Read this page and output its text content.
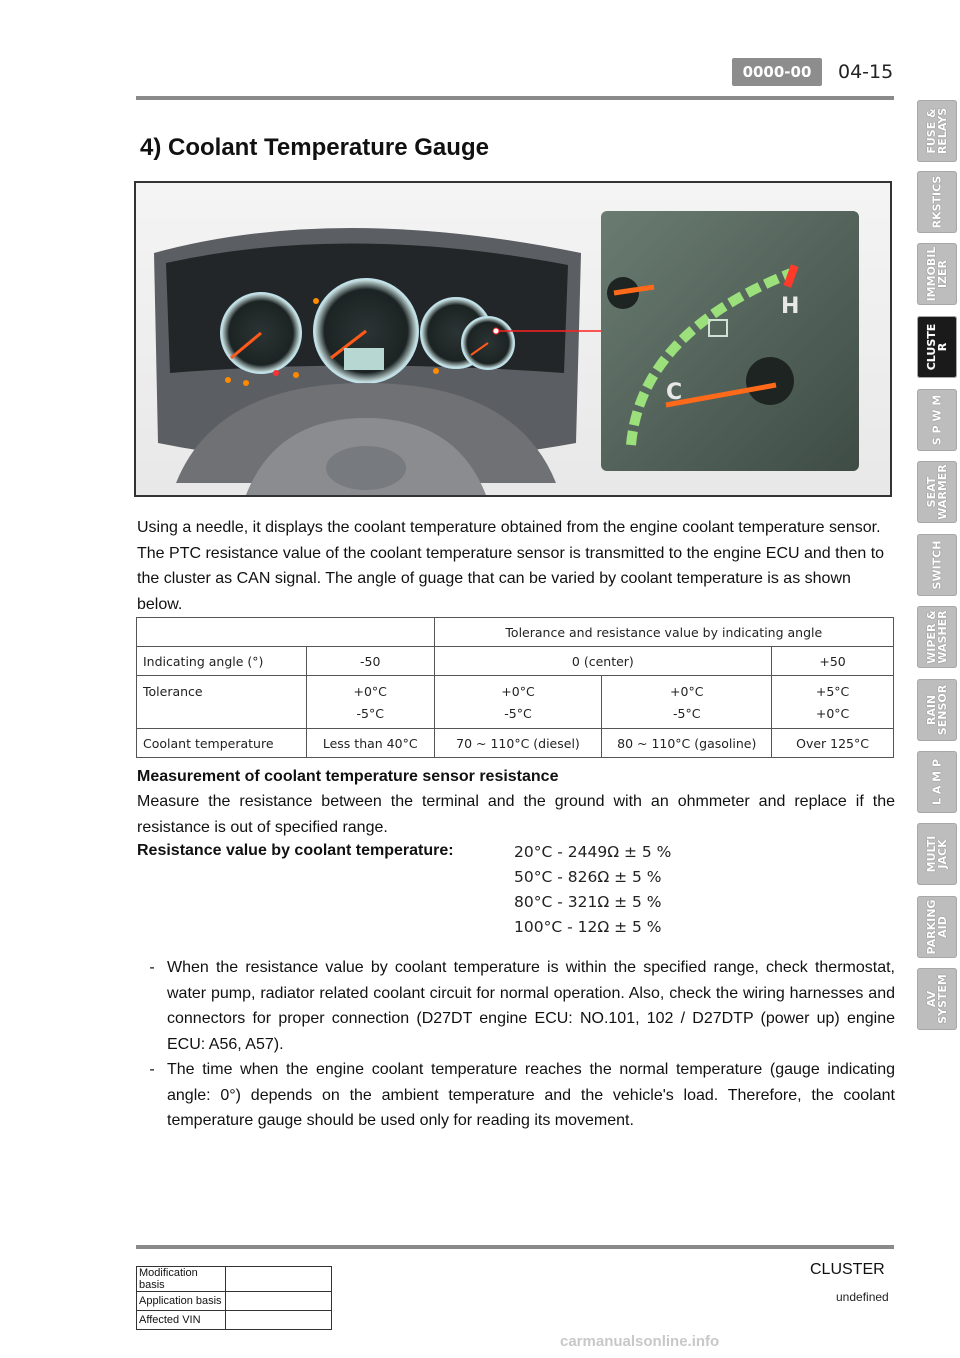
0000-00	04-15
4) Coolant Temperature Gauge
H
C
Using a needle, it displays the coolant temperature obtained from the engine coolant temperature sensor. The PTC resistance value of the coolant temperature sensor is transmitted to the engine ECU and then to the cluster as CAN signal. The angle of guage that can be varied by coolant temperature is as shown below.
		Tolerance and resistance value by indicating angle		
Indicating angle (°)	-50	0 (center)		+50
Tolerance	+0°C	+0°C	+0°C	+5°C
	-5°C	-5°C	-5°C	+0°C
Coolant temperature	Less than 40°C	70 ~ 110°C (diesel)	80 ~ 110°C (gasoline)	Over 125°C
Measurement of coolant temperature sensor resistance
Measure the resistance between the terminal and the ground with an ohmmeter and replace if the resistance is out of specified range.
Resistance value by coolant temperature:	20°C - 2449Ω ± 5 %
50°C - 826Ω ± 5 %
80°C - 321Ω ± 5 %
100°C - 12Ω ± 5 %
- When the resistance value by coolant temperature is within the specified range, check thermostat, water pump, radiator related coolant circuit for normal operation. Also, check the wiring harnesses and connectors for proper connection (D27DT engine ECU: NO.101, 102 / D27DTP (power up) engine ECU: A56, A57).
- The time when the engine coolant temperature reaches the normal temperature (gauge indicating angle: 0°) depends on the ambient temperature and the vehicle's load. Therefore, the coolant temperature gauge should be used only for reading its movement.
FUSE &
RELAYS
RKSTICS
IMMOBIL
IZER
CLUSTE
R
S P W M
SEAT
WARMER
SWITCH
WIPER &
WASHER
RAIN
SENSOR
L A M P
MULTI
JACK
PARKING
AID
AV
SYSTEM
Modification basis	
Application basis	
Affected VIN	
CLUSTER
undefined
carmanualsonline.info
